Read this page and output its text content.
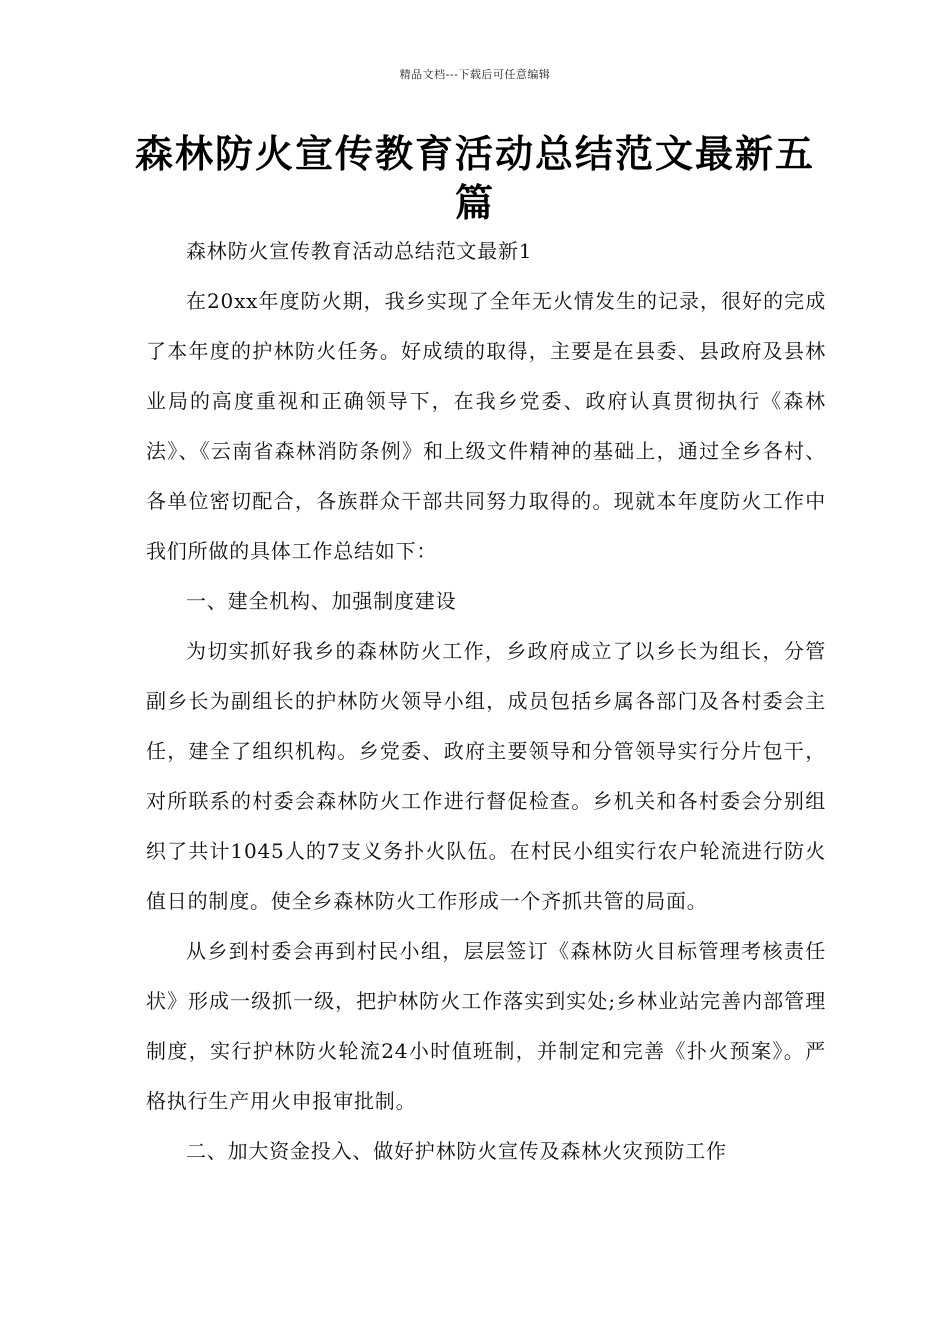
精品文档---下载后可任意编辑
森林防火宣传教育活动总结范文最新五篇

森林防火宣传教育活动总结范文最新1

在20xx年度防火期，我乡实现了全年无火情发生的记录，很好的完成了本年度的护林防火任务。好成绩的取得，主要是在县委、县政府及县林业局的高度重视和正确领导下，在我乡党委、政府认真贯彻执行《森林法》、《云南省森林消防条例》和上级文件精神的基础上，通过全乡各村、各单位密切配合，各族群众干部共同努力取得的。现就本年度防火工作中我们所做的具体工作总结如下：

一、建全机构、加强制度建设

为切实抓好我乡的森林防火工作，乡政府成立了以乡长为组长，分管副乡长为副组长的护林防火领导小组，成员包括乡属各部门及各村委会主任，建全了组织机构。乡党委、政府主要领导和分管领导实行分片包干，对所联系的村委会森林防火工作进行督促检查。乡机关和各村委会分别组织了共计1045人的7支义务扑火队伍。在村民小组实行农户轮流进行防火值日的制度。使全乡森林防火工作形成一个齐抓共管的局面。

从乡到村委会再到村民小组，层层签订《森林防火目标管理考核责任状》形成一级抓一级，把护林防火工作落实到实处;乡林业站完善内部管理制度，实行护林防火轮流24小时值班制，并制定和完善《扑火预案》。严格执行生产用火申报审批制。

二、加大资金投入、做好护林防火宣传及森林火灾预防工作
